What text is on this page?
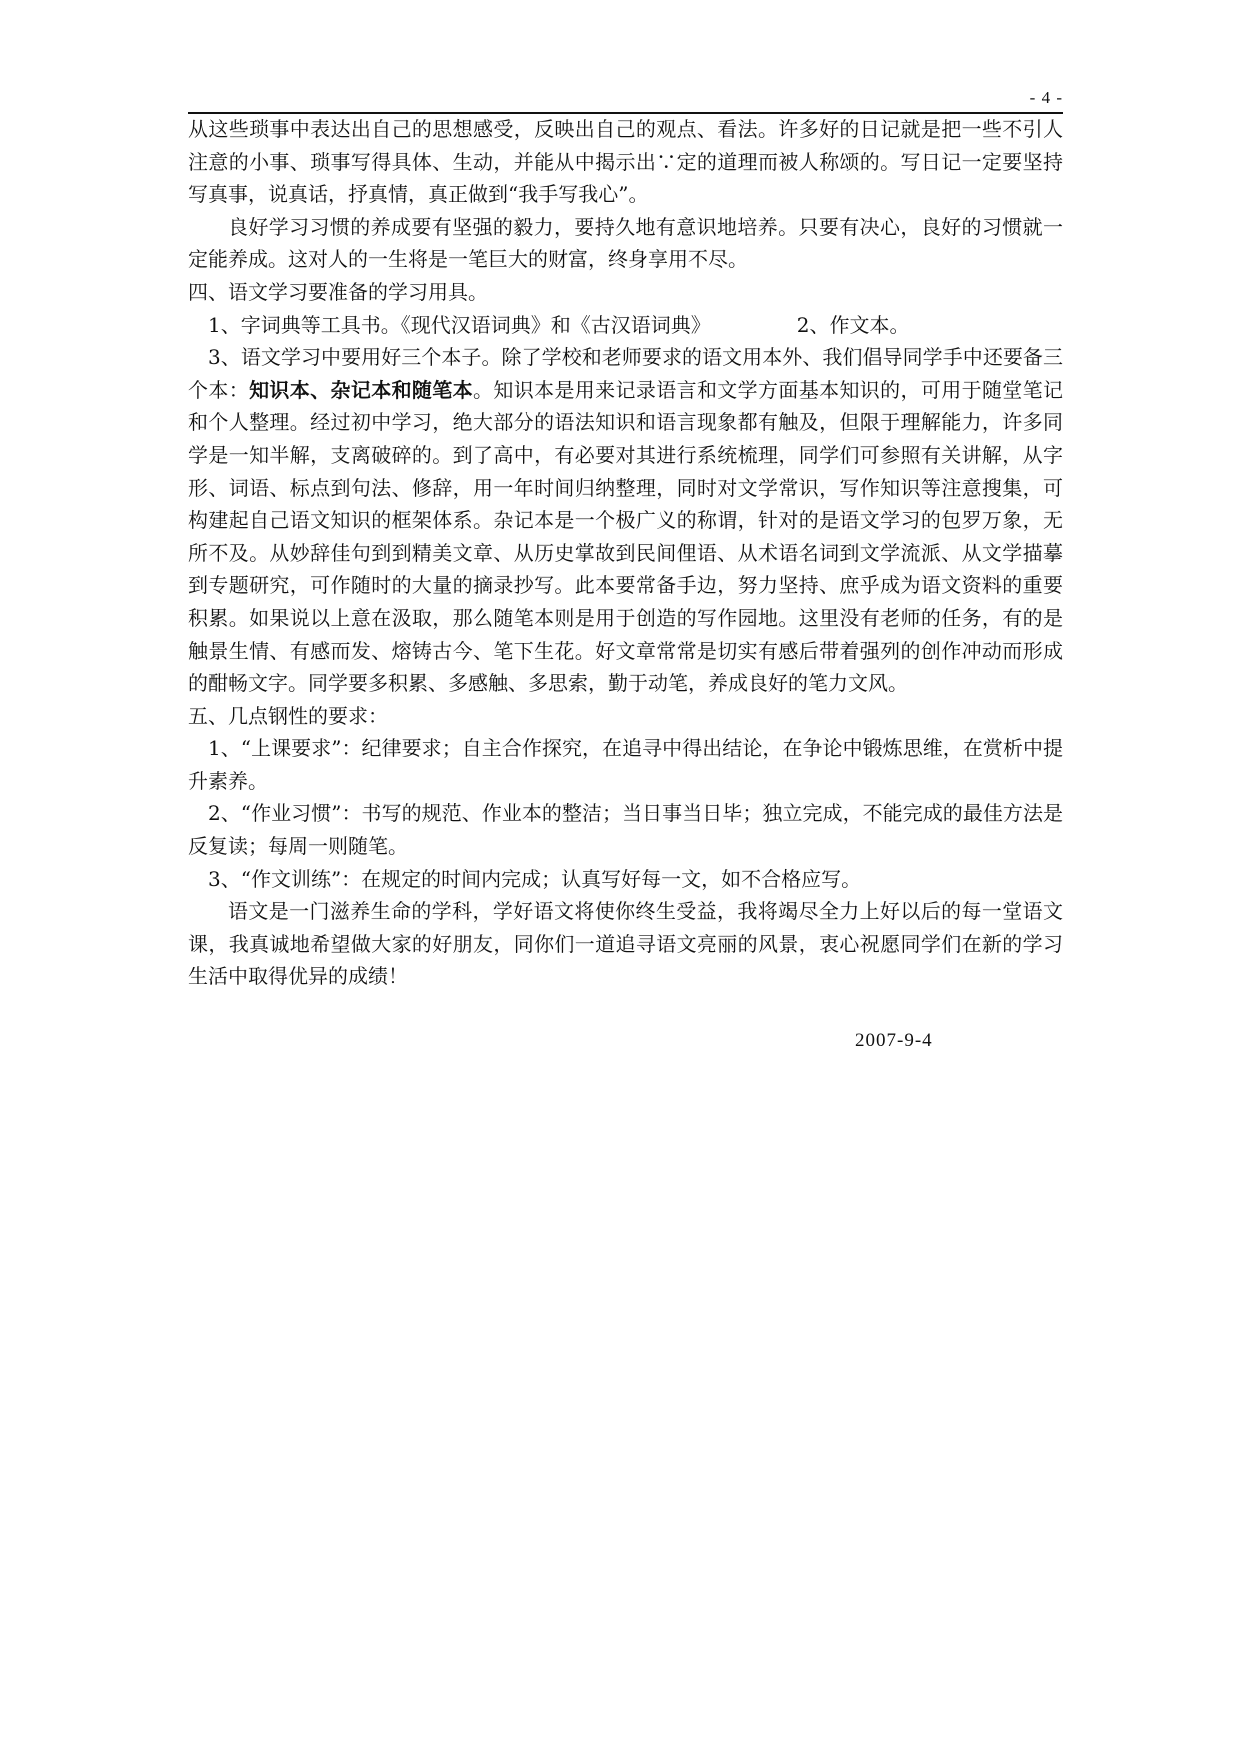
- 4 -

从这些琐事中表达出自己的思想感受，反映出自己的观点、看法。许多好的日记就是把一些不引人注意的小事、琐事写得具体、生动，并能从中揭示出∵定的道理而被人称颂的。写日记一定要坚持写真事，说真话，抒真情，真正做到“我手写我心”。

良好学习习惯的养成要有坚强的毅力，要持久地有意识地培养。只要有决心，良好的习惯就一定能养成。这对人的一生将是一笔巨大的财富，终身享用不尽。

四、语文学习要准备的学习用具。

1、字词典等工具书。《现代汉语词典》和《古汉语词典》	2、作文本。

3、语文学习中要用好三个本子。除了学校和老师要求的语文用本外、我们倡导同学手中还要备三个本：知识本、杂记本和随笔本。知识本是用来记录语言和文学方面基本知识的，可用于随堂笔记和个人整理。经过初中学习，绝大部分的语法知识和语言现象都有触及，但限于理解能力，许多同学是一知半解，支离破碎的。到了高中，有必要对其进行系统梳理，同学们可参照有关讲解，从字形、词语、标点到句法、修辞，用一年时间归纳整理，同时对文学常识，写作知识等注意搜集，可构建起自己语文知识的框架体系。杂记本是一个极广义的称谓，针对的是语文学习的包罗万象，无所不及。从妙辞佳句到到精美文章、从历史掌故到民间俚语、从术语名词到文学流派、从文学描摹到专题研究，可作随时的大量的摘录抄写。此本要常备手边，努力坚持、庶乎成为语文资料的重要积累。如果说以上意在汲取，那么随笔本则是用于创造的写作园地。这里没有老师的任务，有的是触景生情、有感而发、熔铸古今、笔下生花。好文章常常是切实有感后带着强列的创作冲动而形成的酣畅文字。同学要多积累、多感触、多思索，勤于动笔，养成良好的笔力文风。

五、几点钢性的要求：

1、“上课要求”：纪律要求；自主合作探究，在追寻中得出结论，在争论中锻炼思维，在赏析中提升素养。

2、“作业习惯”：书写的规范、作业本的整洁；当日事当日毕；独立完成，不能完成的最佳方法是反复读；每周一则随笔。

3、“作文训练”：在规定的时间内完成；认真写好每一文，如不合格应写。

语文是一门滋养生命的学科，学好语文将使你终生受益，我将竭尽全力上好以后的每一堂语文课，我真诚地希望做大家的好朋友，同你们一道追寻语文亮丽的风景，衷心祝愿同学们在新的学习生活中取得优异的成绩！

2007-9-4
